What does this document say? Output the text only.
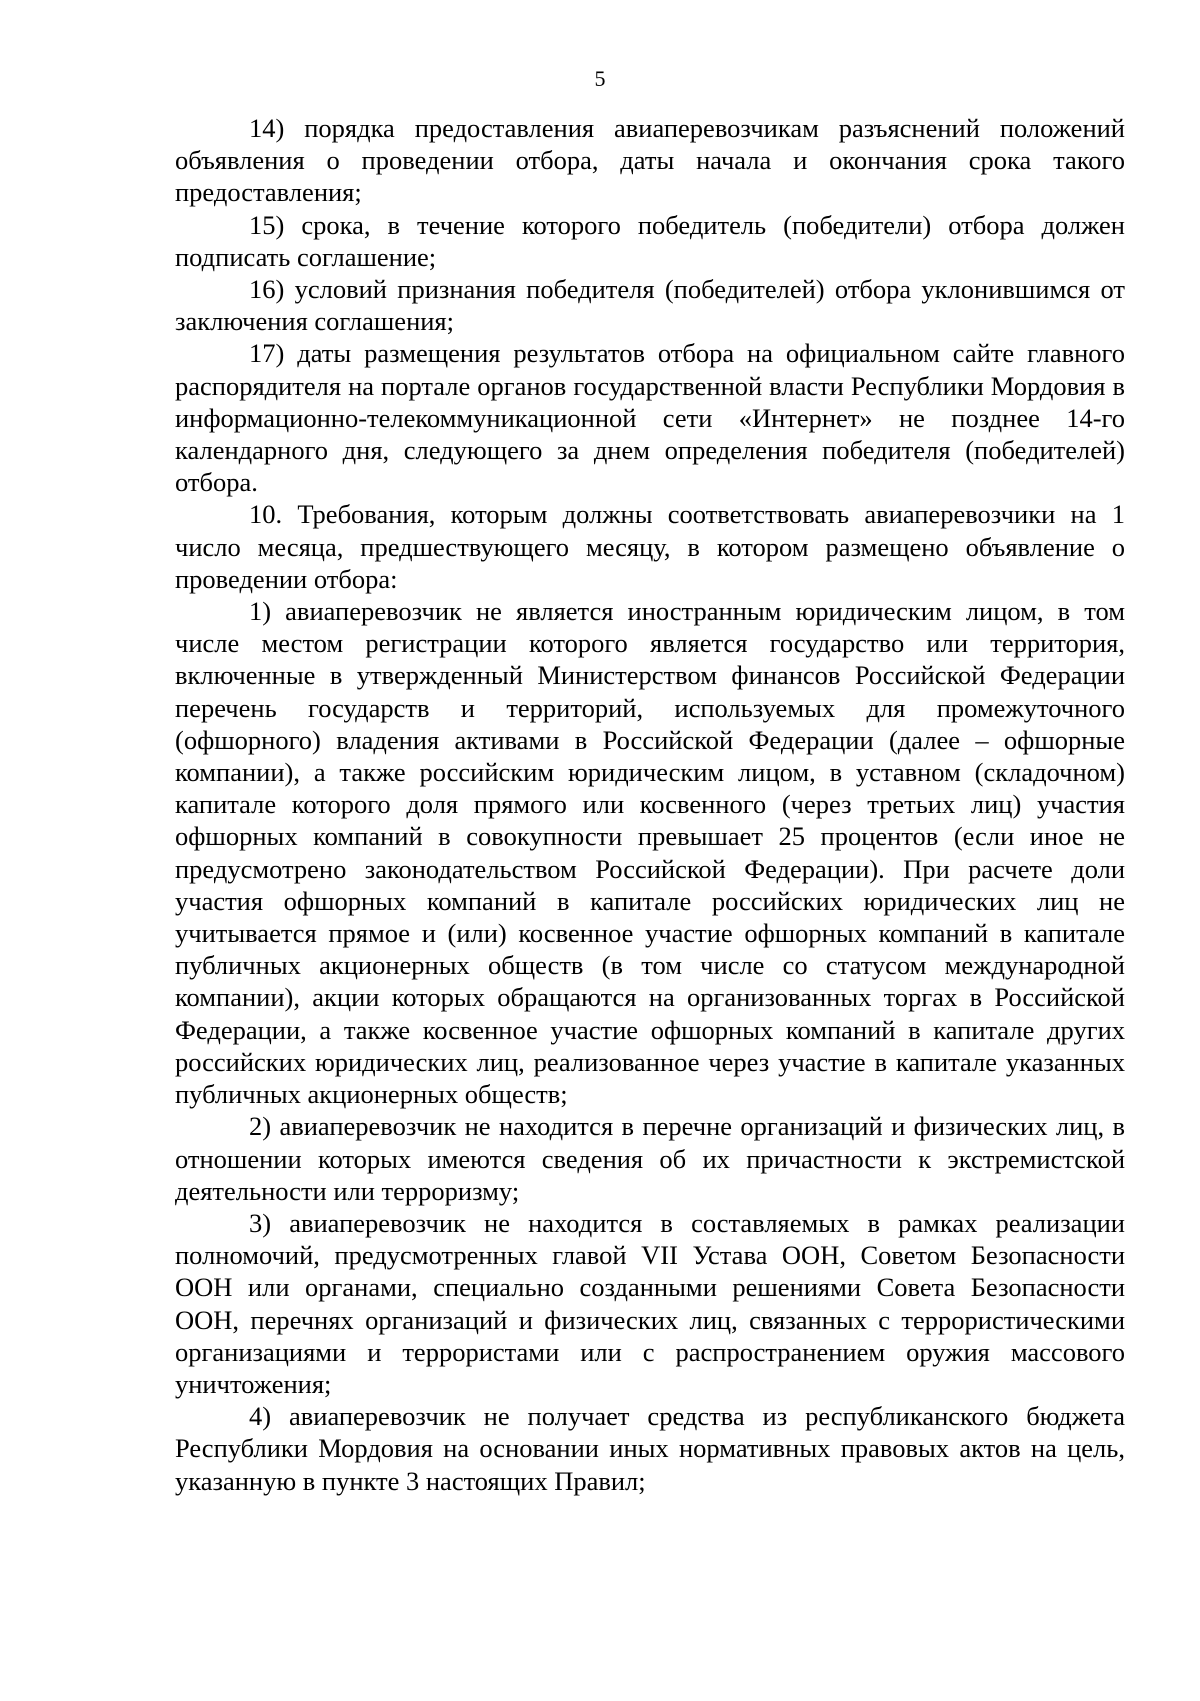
5

14) порядка предоставления авиаперевозчикам разъяснений положений объявления о проведении отбора, даты начала и окончания срока такого предоставления;

15) срока, в течение которого победитель (победители) отбора должен подписать соглашение;

16) условий признания победителя (победителей) отбора уклонившимся от заключения соглашения;

17) даты размещения результатов отбора на официальном сайте главного распорядителя на портале органов государственной власти Республики Мордовия в информационно-телекоммуникационной сети «Интернет» не позднее 14-го календарного дня, следующего за днем определения победителя (победителей) отбора.

10. Требования, которым должны соответствовать авиаперевозчики на 1 число месяца, предшествующего месяцу, в котором размещено объявление о проведении отбора:

1) авиаперевозчик не является иностранным юридическим лицом, в том числе местом регистрации которого является государство или территория, включенные в утвержденный Министерством финансов Российской Федерации перечень государств и территорий, используемых для промежуточного (офшорного) владения активами в Российской Федерации (далее – офшорные компании), а также российским юридическим лицом, в уставном (складочном) капитале которого доля прямого или косвенного (через третьих лиц) участия офшорных компаний в совокупности превышает 25 процентов (если иное не предусмотрено законодательством Российской Федерации). При расчете доли участия офшорных компаний в капитале российских юридических лиц не учитывается прямое и (или) косвенное участие офшорных компаний в капитале публичных акционерных обществ (в том числе со статусом международной компании), акции которых обращаются на организованных торгах в Российской Федерации, а также косвенное участие офшорных компаний в капитале других российских юридических лиц, реализованное через участие в капитале указанных публичных акционерных обществ;

2) авиаперевозчик не находится в перечне организаций и физических лиц, в отношении которых имеются сведения об их причастности к экстремистской деятельности или терроризму;

3) авиаперевозчик не находится в составляемых в рамках реализации полномочий, предусмотренных главой VII Устава ООН, Советом Безопасности ООН или органами, специально созданными решениями Совета Безопасности ООН, перечнях организаций и физических лиц, связанных с террористическими организациями и террористами или с распространением оружия массового уничтожения;

4) авиаперевозчик не получает средства из республиканского бюджета Республики Мордовия на основании иных нормативных правовых актов на цель, указанную в пункте 3 настоящих Правил;
